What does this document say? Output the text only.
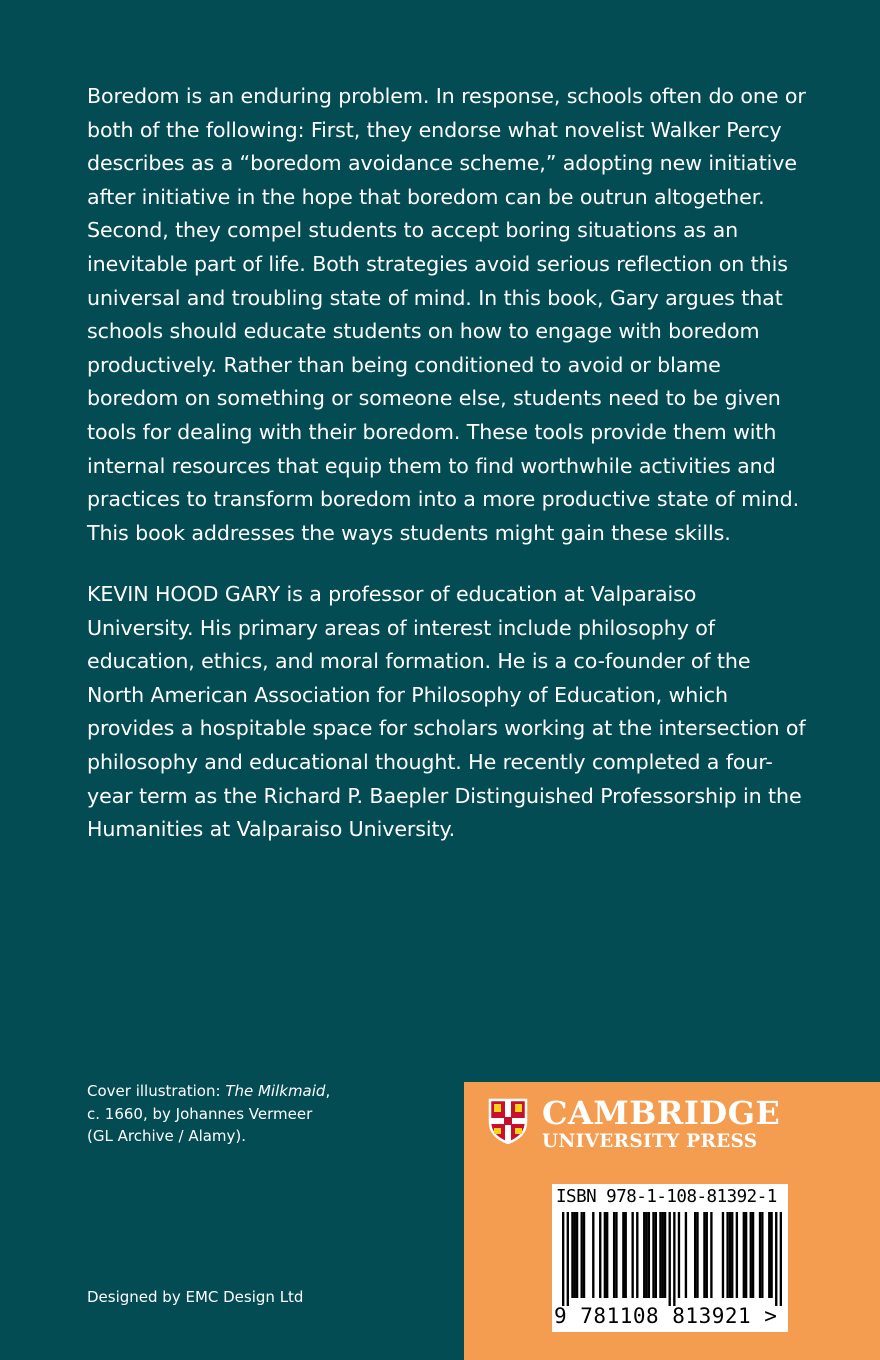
Boredom is an enduring problem. In response, schools often do one or both of the following: First, they endorse what novelist Walker Percy describes as a “boredom avoidance scheme,” adopting new initiative after initiative in the hope that boredom can be outrun altogether. Second, they compel students to accept boring situations as an inevitable part of life. Both strategies avoid serious reflection on this universal and troubling state of mind. In this book, Gary argues that schools should educate students on how to engage with boredom productively. Rather than being conditioned to avoid or blame boredom on something or someone else, students need to be given tools for dealing with their boredom. These tools provide them with internal resources that equip them to find worthwhile activities and practices to transform boredom into a more productive state of mind. This book addresses the ways students might gain these skills.

KEVIN HOOD GARY is a professor of education at Valparaiso University. His primary areas of interest include philosophy of education, ethics, and moral formation. He is a co-founder of the North American Association for Philosophy of Education, which provides a hospitable space for scholars working at the intersection of philosophy and educational thought. He recently completed a four-year term as the Richard P. Baepler Distinguished Professorship in the Humanities at Valparaiso University.

Cover illustration: The Milkmaid,
c. 1660, by Johannes Vermeer
(GL Archive / Alamy).

Designed by EMC Design Ltd

CAMBRIDGE
UNIVERSITY PRESS
ISBN 978-1-108-81392-1
9 781108 813921 >
